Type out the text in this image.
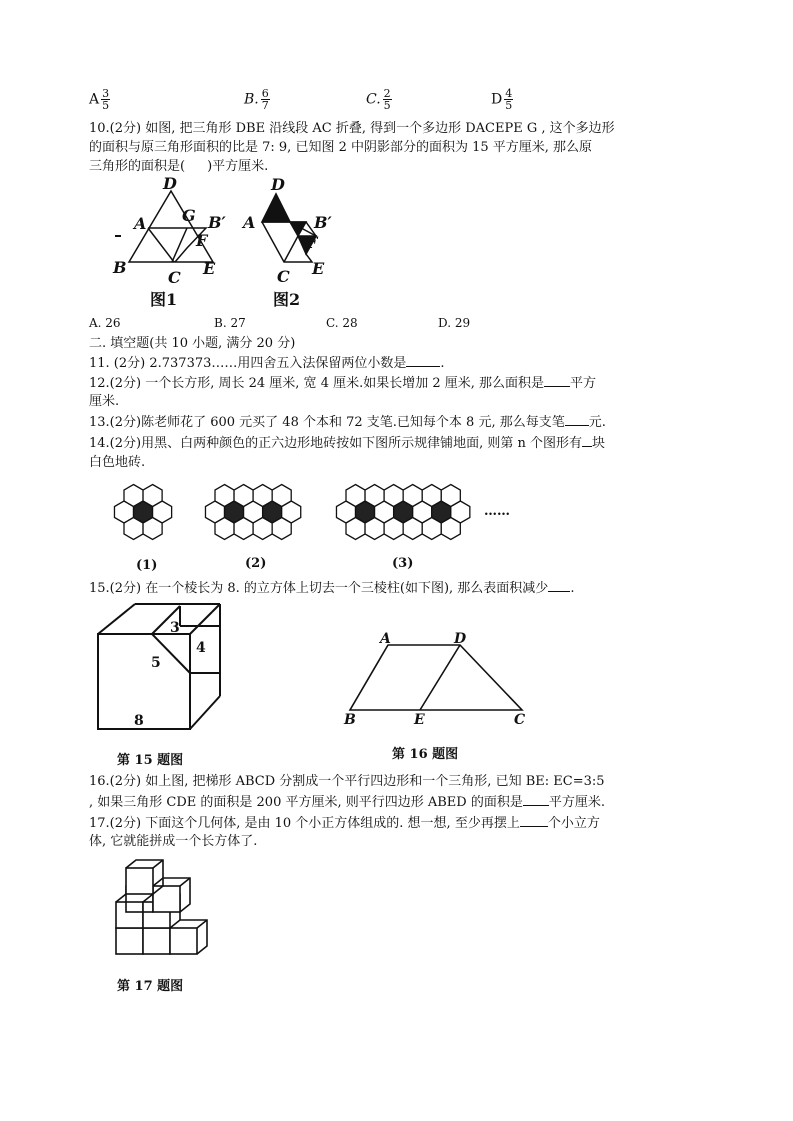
A $\frac{3}{5}$	B. $\frac{6}{7}$	C. $\frac{2}{5}$	D $\frac{4}{5}$
10.(2分) 如图, 把三角形 DBE 沿线段 AC 折叠, 得到一个多边形 DACEPE G , 这个多边形
的面积与原三角形面积的比是 7: 9, 已知图 2 中阴影部分的面积为 15 平方厘米, 那么原
三角形的面积是( )平方厘米.
D
A G B′
F
B
C E
图1
D
A	B′
F
C E
图2
A. 26	B. 27	C. 28	D. 29
二. 填空题(共 10 小题, 满分 20 分)
11. (2分) 2.737373……用四舍五入法保留两位小数是	.
12.(2分) 一个长方形, 周长 24 厘米, 宽 4 厘米.如果长增加 2 厘米, 那么面积是 平方
厘米.
13.(2分)陈老师花了 600 元买了 48 个本和 72 支笔.已知每个本 8 元, 那么每支笔 元.
14.(2分)用黑、白两种颜色的正六边形地砖按如下图所示规律铺地面, 则第 n 个图形有 块
白色地砖.
(1)	(2)	(3)
……
15.(2分) 在一个棱长为 8. 的立方体上切去一个三棱柱(如下图), 那么表面积减少 .
3
4
5
8
第 15 题图
A	D
B	E	C
第 16 题图
16.(2分) 如上图, 把梯形 ABCD 分割成一个平行四边形和一个三角形, 已知 BE: EC=3:5
, 如果三角形 CDE 的面积是 200 平方厘米, 则平行四边形 ABED 的面积是 平方厘米.
17.(2分) 下面这个几何体, 是由 10 个小正方体组成的. 想一想, 至少再摆上 个小立方
体, 它就能拼成一个长方体了.
第 17 题图
